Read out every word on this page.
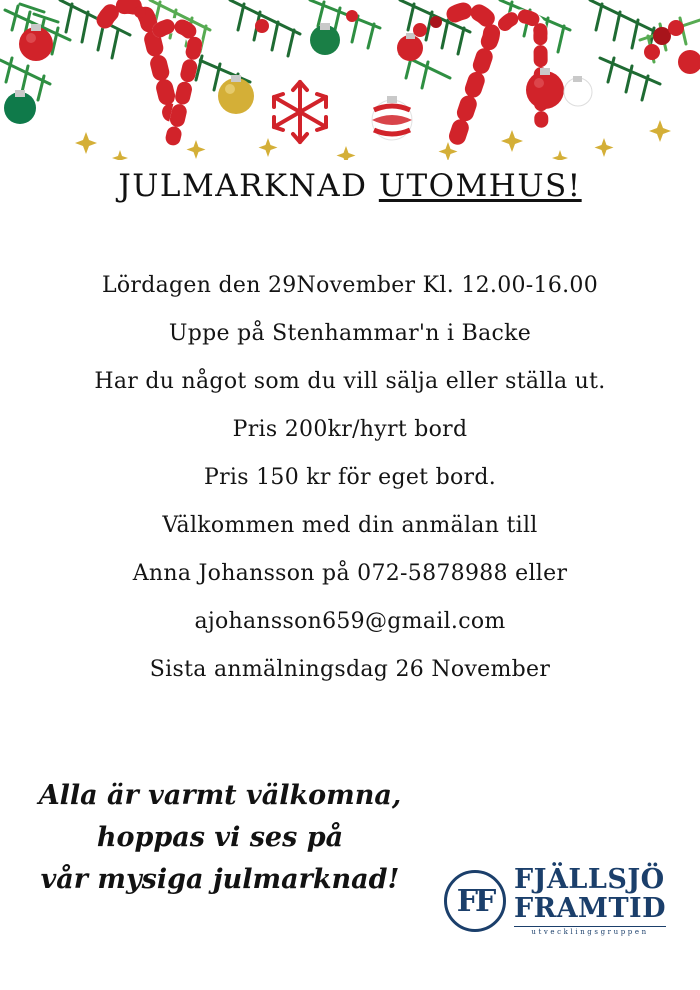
JULMARKNAD UTOMHUS!
Lördagen den 29November Kl. 12.00-16.00
Uppe på Stenhammar'n i Backe
Har du något som du vill sälja eller ställa ut.
Pris 200kr/hyrt bord
Pris 150 kr för eget bord.
Välkommen med din anmälan till
Anna Johansson på 072-5878988 eller
ajohansson659@gmail.com
Sista anmälningsdag 26 November
Alla är varmt välkomna,
hoppas vi ses på
vår mysiga julmarknad!
FF
FJÄLLSJÖ
FRAMTID
utvecklingsgruppen
